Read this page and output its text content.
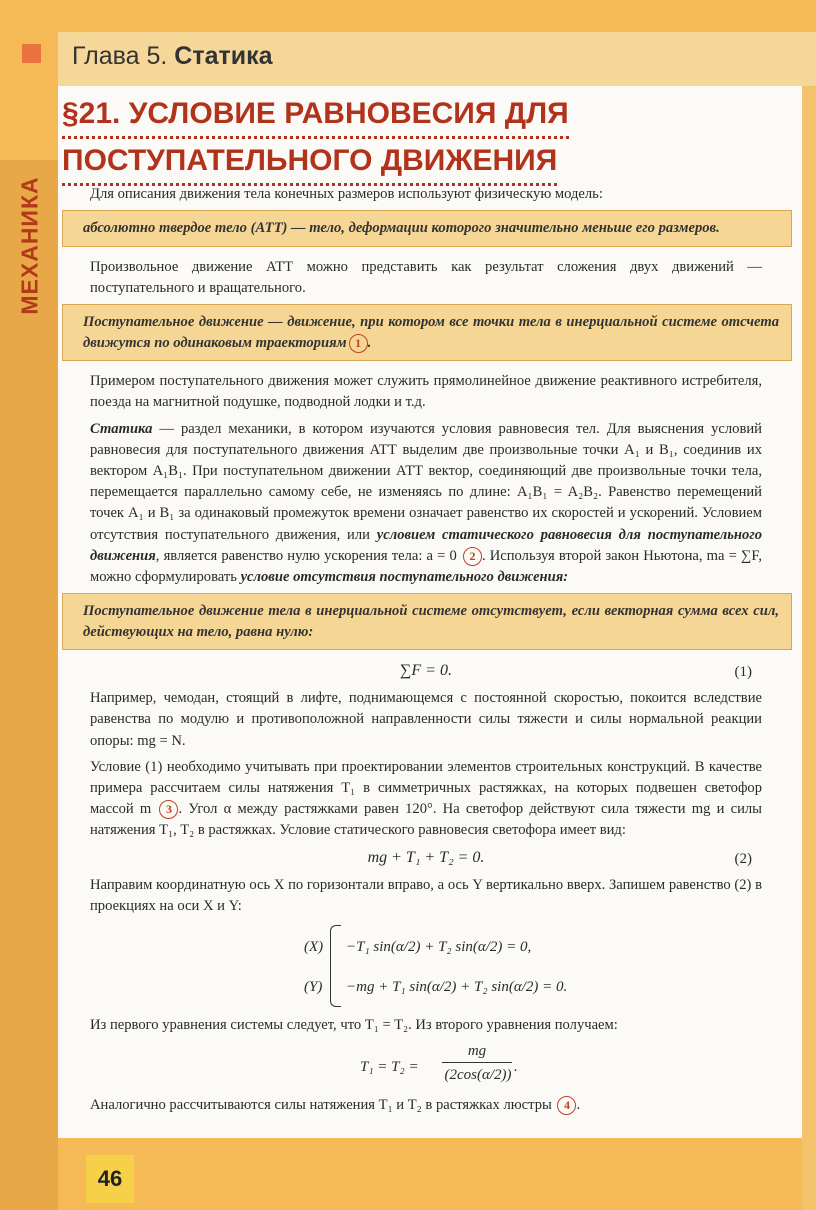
МЕХАНИКА
Глава 5. Статика
§21. УСЛОВИЕ РАВНОВЕСИЯ ДЛЯ
ПОСТУПАТЕЛЬНОГО ДВИЖЕНИЯ

Для описания движения тела конечных размеров используют физическую модель:

абсолютно твердое тело (АТТ) — тело, деформации которого значительно меньше его размеров.

Произвольное движение АТТ можно представить как результат сложения двух движений — поступательного и вращательного.

Поступательное движение — движение, при котором все точки тела в инерциальной системе отсчета движутся по одинаковым траекториям 1 .

Примером поступательного движения может служить прямолинейное движение реактивного истребителя, поезда на магнитной подушке, подводной лодки и т.д.

Статика — раздел механики, в котором изучаются условия равновесия тел. Для выяснения условий равновесия для поступательного движения АТТ выделим две произвольные точки A₁ и B₁, соединив их вектором A₁B₁. При поступательном движении АТТ вектор, соединяющий две произвольные точки тела, перемещается параллельно самому себе, не изменяясь по длине: A₁B₁ = A₂B₂. Равенство перемещений точек A₁ и B₁ за одинаковый промежуток времени означает равенство их скоростей и ускорений. Условием отсутствия поступательного движения, или условием статического равновесия для поступательного движения, является равенство нулю ускорения тела: a = 0 2 . Используя второй закон Ньютона, ma = ∑F, можно сформулировать условие отсутствия поступательного движения:

Поступательное движение тела в инерциальной системе отсутствует, если векторная сумма всех сил, действующих на тело, равна нулю:
∑F = 0.	(1)

Например, чемодан, стоящий в лифте, поднимающемся с постоянной скоростью, покоится вследствие равенства по модулю и противоположной направленности силы тяжести и силы нормальной реакции опоры: mg = N.

Условие (1) необходимо учитывать при проектировании элементов строительных конструкций. В качестве примера рассчитаем силы натяжения T₁ в симметричных растяжках, на которых подвешен светофор массой m 3 . Угол α между растяжками равен 120°. На светофор действуют сила тяжести mg и силы натяжения T₁, T₂ в растяжках. Условие статического равновесия светофора имеет вид:

mg + T₁ + T₂ = 0.	(2)

Направим координатную ось X по горизонтали вправо, а ось Y вертикально вверх. Запишем равенство (2) в проекциях на оси X и Y:

(X) −T₁ sin(α/2) + T₂ sin(α/2) = 0,
(Y) −mg + T₁ sin(α/2) + T₂ sin(α/2) = 0.

Из первого уравнения системы следует, что T₁ = T₂. Из второго уравнения получаем:

T₁ = T₂ =
mg
(2cos(α/2)) .

Аналогично рассчитываются силы натяжения T₁ и T₂ в растяжках люстры 4 .

46
